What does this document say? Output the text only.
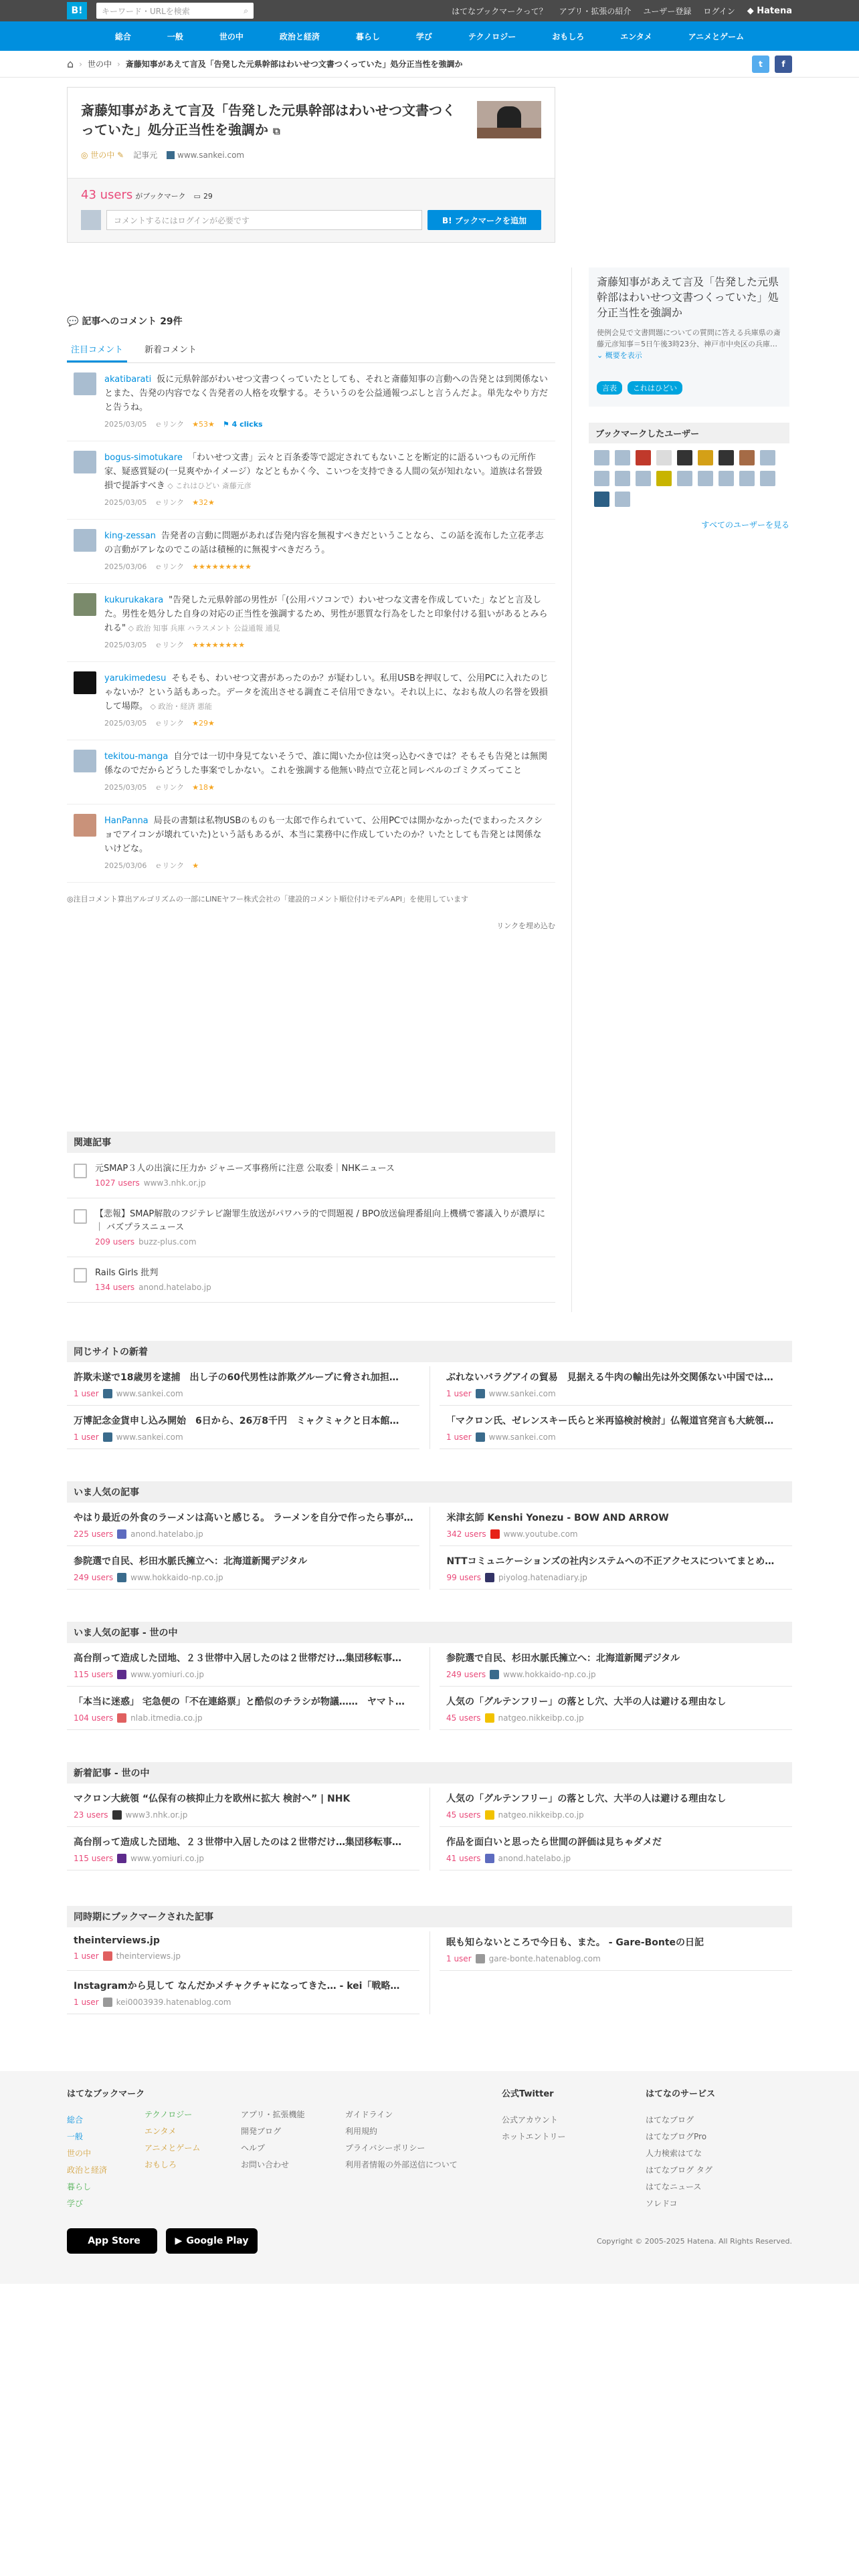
B!	キーワード・URLを検索	⌕	はてなブックマークって？ アプリ・拡張の紹介 ユーザー登録 ログイン ◆ Hatena
総合	一般	世の中	政治と経済	暮らし	学び	テクノロジー	おもしろ	エンタメ	アニメとゲーム
⌂ › 世の中 › 斎藤知事があえて言及「告発した元県幹部はわいせつ文書つくっていた」処分正当性を強調か	t	f
斎藤知事があえて言及「告発した元県幹部はわいせつ文書つくっていた」処分正当性を強調か ⧉
◎ 世の中 ✎ 記事元	www.sankei.com
43 users がブックマーク ▭ 29
コメントするにはログインが必要です	B! ブックマークを追加
💬 記事へのコメント 29件
注目コメント	新着コメント
akatibarati 仮に元県幹部がわいせつ文書つくっていたとしても、それと斎藤知事の言動への告発とは到関係ないとまた、告発の内容でなく告発者の人格を攻撃する。そういうのを公益通報つぶしと言うんだよ。単先なやり方だと告うね。
2025/03/05 ｅリンク ★53★ ⚑ 4 clicks
bogus-simotukare 「わいせつ文書」云々と百条委等で認定されてもないことを断定的に語るいつもの元所作家、疑惑質疑の(一見爽やかイメージ）などともかく今、こいつを支持できる人間の気が知れない。道族は名誉毀損で提訴すべき ◇ これはひどい 斎藤元彦
2025/03/05 ｅリンク ★32★
king-zessan 告発者の言動に問題があれば告発内容を無視すべきだということなら、この話を流布した立花孝志の言動がアレなのでこの話は積極的に無視すべきだろう。
2025/03/06 ｅリンク ★★★★★★★★★
kukurukakara "告発した元県幹部の男性が「(公用パソコンで）わいせつな文書を作成していた」などと言及した。男性を処分した自身の対応の正当性を強調するため、男性が悪質な行為をしたと印象付ける狙いがあるとみられる" ◇ 政治 知事 兵庫 ハラスメント 公益通報 通見
2025/03/05 ｅリンク ★★★★★★★★
yarukimedesu そもそも、わいせつ文書があったのか？が疑わしい。私用USBを押収して、公用PCに入れたのじゃないか？という話もあった。データを流出させる調査こそ信用できない。それ以上に、なおも故人の名誉を毀損して場際。 ◇ 政治・経済 悪能
2025/03/05 ｅリンク ★29★
tekitou-manga 自分では一切中身見てないそうで、誰に聞いたか位は突っ込むべきでは？そもそも告発とは無関係なのでだからどうした事案でしかない。これを強調する他無い時点で立花と同レベルのゴミクズってこと
2025/03/05 ｅリンク ★18★
HanPanna 局長の書類は私物USBのものも一太郎で作られていて、公用PCでは開かなかった(でまわったスクショでアイコンが壊れていた)という話もあるが、本当に業務中に作成していたのか？いたとしても告発とは関係ないけどな。
2025/03/06 ｅリンク ★
◎注目コメント算出アルゴリズムの一部にLINEヤフー株式会社の「建設的コメント順位付けモデルAPI」を使用しています
リンクを埋め込む
斎藤知事があえて言及「告発した元県幹部はわいせつ文書つくっていた」処分正当性を強調か

使例会見で文書問題についての質問に答える兵庫県の斎藤元彦知事＝5日午後3時23分、神戸市中央区の兵庫… ⌄ 概要を表示

言表	これはひどい
ブックマークしたユーザー
すべてのユーザーを見る
関連記事
元SMAP３人の出演に圧力か ジャニーズ事務所に注意 公取委｜NHKニュース
1027 users www3.nhk.or.jp
【悲報】SMAP解散のフジテレビ謝罪生放送がパワハラ的で問題視 / BPO放送倫理番組向上機構で審議入りが濃厚に ｜ バズプラスニュース
209 users buzz-plus.com
Rails Girls 批判
134 users anond.hatelabo.jp
同じサイトの新着
許欺未遂で18歳男を逮捕　出し子の60代男性は詐欺グループに脅され加担…
1 user www.sankei.com
ぶれないバラグアイの貿易　見据える牛肉の輸出先は外交関係ない中国では…
1 user www.sankei.com
万博記念金貨申し込み開始　6日から、26万8千円　ミャクミャクと日本館…
1 user www.sankei.com
「マクロン氏、ゼレンスキー氏らと米再協検討検討」仏報道官発言も大統領…
1 user www.sankei.com
いま人気の記事
やはり最近の外食のラーメンは高いと感じる。 ラーメンを自分で作ったら事が…
225 users anond.hatelabo.jp
米津玄師 Kenshi Yonezu - BOW AND ARROW
342 users www.youtube.com
参院選で自民、杉田水脈氏擁立へ：北海道新聞デジタル
249 users www.hokkaido-np.co.jp
NTTコミュニケーションズの社内システムへの不正アクセスについてまとめ…
99 users piyolog.hatenadiary.jp
いま人気の記事 - 世の中
高台削って造成した団地、２３世帯中入居したのは２世帯だけ…集団移転事…
115 users www.yomiuri.co.jp
参院選で自民、杉田水脈氏擁立へ：北海道新聞デジタル
249 users www.hokkaido-np.co.jp
「本当に迷惑」 宅急便の「不在連絡票」と酷似のチラシが物議……　ヤマト…
104 users nlab.itmedia.co.jp
人気の「グルテンフリー」の落とし穴、大半の人は避ける理由なし
45 users natgeo.nikkeibp.co.jp
新着記事 - 世の中
マクロン大統領 “仏保有の核抑止力を欧州に拡大 検討へ” | NHK
23 users www3.nhk.or.jp
人気の「グルテンフリー」の落とし穴、大半の人は避ける理由なし
45 users natgeo.nikkeibp.co.jp
高台削って造成した団地、２３世帯中入居したのは２世帯だけ…集団移転事…
115 users www.yomiuri.co.jp
作品を面白いと思ったら世間の評価は見ちゃダメだ
41 users anond.hatelabo.jp
同時期にブックマークされた記事
theinterviews.jp
1 user theinterviews.jp
眠も知らないところで今日も、また。 - Gare-Bonteの日記
1 user gare-bonte.hatenablog.com
Instagramから見して なんだかメチャクチャになってきた… - kei「戦略…
1 user kei0003939.hatenablog.com
はてなブックマーク
総合
一般
世の中
政治と経済
暮らし
学び
テクノロジー
エンタメ
アニメとゲーム
おもしろ
アプリ・拡張機能
開発ブログ
ヘルプ
お問い合わせ
ガイドライン
利用規約
プライバシーポリシー
利用者情報の外部送信について
公式Twitter
公式アカウント
ホットエントリー
はてなのサービス
はてなブログ
はてなブログPro
人力検索はてな
はてなブログ タグ
はてなニュース
ソレドコ
App Store	▶ Google Play	Copyright © 2005-2025 Hatena. All Rights Reserved.
